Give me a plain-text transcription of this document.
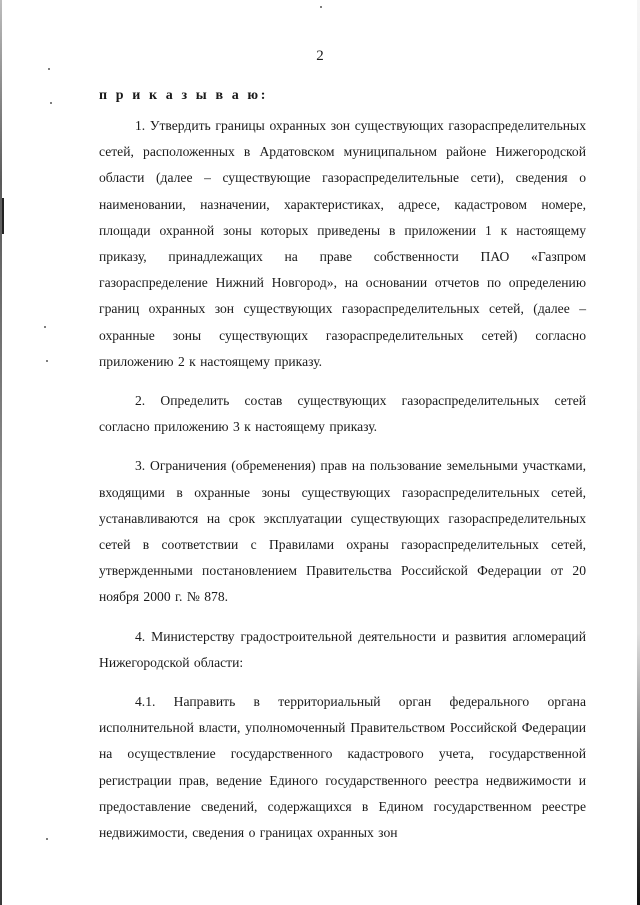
2
п р и к а з ы в а ю:

1. Утвердить границы охранных зон существующих газораспределительных сетей, расположенных в Ардатовском муниципальном районе Нижегородской области (далее – существующие газораспределительные сети), сведения о наименовании, назначении, характеристиках, адресе, кадастровом номере, площади охранной зоны которых приведены в приложении 1 к настоящему приказу, принадлежащих на праве собственности ПАО «Газпром газораспределение Нижний Новгород», на основании отчетов по определению границ охранных зон существующих газораспределительных сетей, (далее – охранные зоны существующих газораспределительных сетей) согласно приложению 2 к настоящему приказу.

2. Определить состав существующих газораспределительных сетей согласно приложению 3 к настоящему приказу.

3. Ограничения (обременения) прав на пользование земельными участками, входящими в охранные зоны существующих газораспределительных сетей, устанавливаются на срок эксплуатации существующих газораспределительных сетей в соответствии с Правилами охраны газораспределительных сетей, утвержденными постановлением Правительства Российской Федерации от 20 ноября 2000 г. № 878.

4. Министерству градостроительной деятельности и развития агломераций Нижегородской области:

4.1. Направить в территориальный орган федерального органа исполнительной власти, уполномоченный Правительством Российской Федерации на осуществление государственного кадастрового учета, государственной регистрации прав, ведение Единого государственного реестра недвижимости и предоставление сведений, содержащихся в Едином государственном реестре недвижимости, сведения о границах охранных зон
